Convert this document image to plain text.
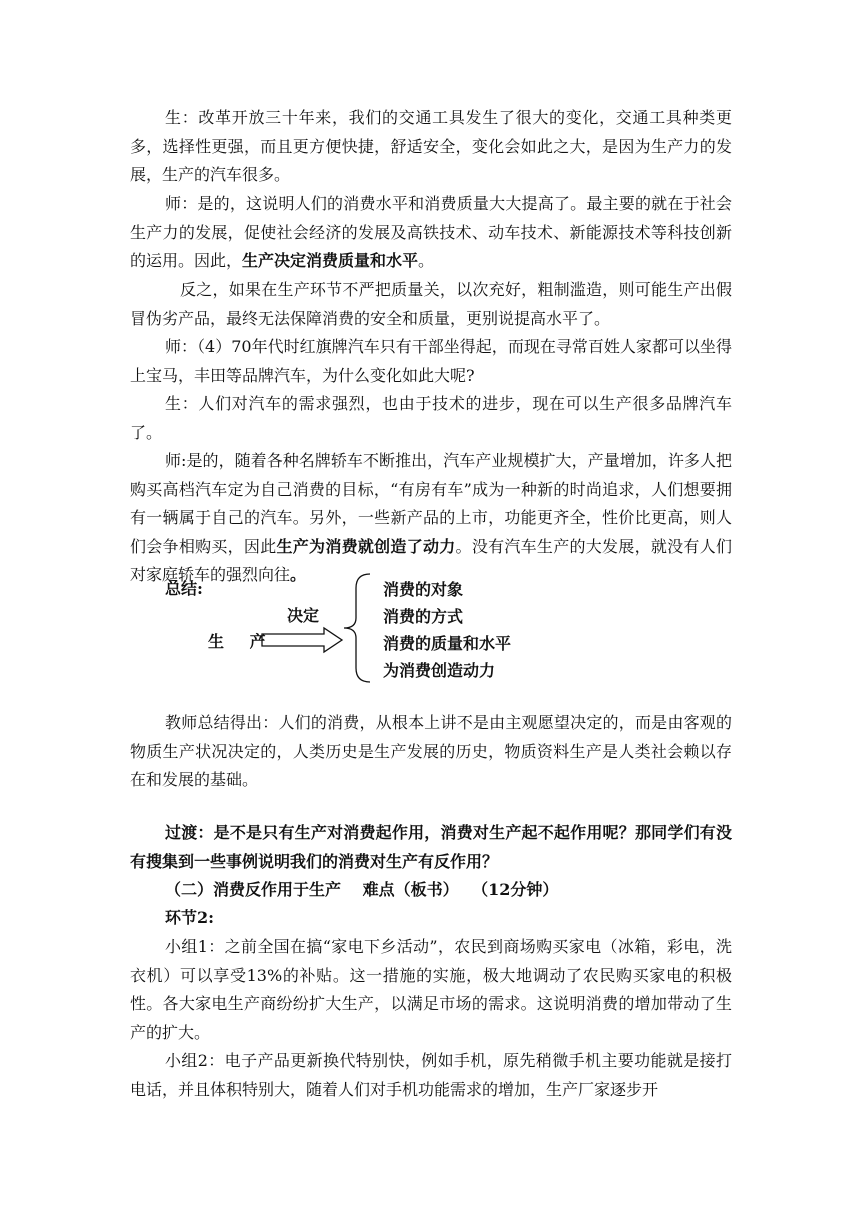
生：改革开放三十年来，我们的交通工具发生了很大的变化，交通工具种类更多，选择性更强，而且更方便快捷，舒适安全，变化会如此之大，是因为生产力的发展，生产的汽车很多。

师：是的，这说明人们的消费水平和消费质量大大提高了。最主要的就在于社会生产力的发展，促使社会经济的发展及高铁技术、动车技术、新能源技术等科技创新的运用。因此，生产决定消费质量和水平。

反之，如果在生产环节不严把质量关，以次充好，粗制滥造，则可能生产出假冒伪劣产品，最终无法保障消费的安全和质量，更别说提高水平了。

师：（4）70年代时红旗牌汽车只有干部坐得起，而现在寻常百姓人家都可以坐得上宝马，丰田等品牌汽车，为什么变化如此大呢?

生：人们对汽车的需求强烈，也由于技术的进步，现在可以生产很多品牌汽车了。

师:是的，随着各种名牌轿车不断推出，汽车产业规模扩大，产量增加，许多人把购买高档汽车定为自己消费的目标，“有房有车”成为一种新的时尚追求，人们想要拥有一辆属于自己的汽车。另外，一些新产品的上市，功能更齐全，性价比更高，则人们会争相购买，因此生产为消费就创造了动力。没有汽车生产的大发展，就没有人们对家庭轿车的强烈向往。

总结:
决定
生 产
消费的对象
消费的方式
消费的质量和水平
为消费创造动力

教师总结得出：人们的消费，从根本上讲不是由主观愿望决定的，而是由客观的物质生产状况决定的，人类历史是生产发展的历史，物质资料生产是人类社会赖以存在和发展的基础。

过渡：是不是只有生产对消费起作用，消费对生产起不起作用呢？那同学们有没有搜集到一些事例说明我们的消费对生产有反作用？

（二）消费反作用于生产　 难点（板书）　 （12分钟）

环节2:

小组1：之前全国在搞“家电下乡活动”，农民到商场购买家电（冰箱，彩电，洗衣机）可以享受13%的补贴。这一措施的实施，极大地调动了农民购买家电的积极性。各大家电生产商纷纷扩大生产，以满足市场的需求。这说明消费的增加带动了生产的扩大。

小组2：电子产品更新换代特别快，例如手机，原先稍微手机主要功能就是接打电话，并且体积特别大，随着人们对手机功能需求的增加，生产厂家逐步开
